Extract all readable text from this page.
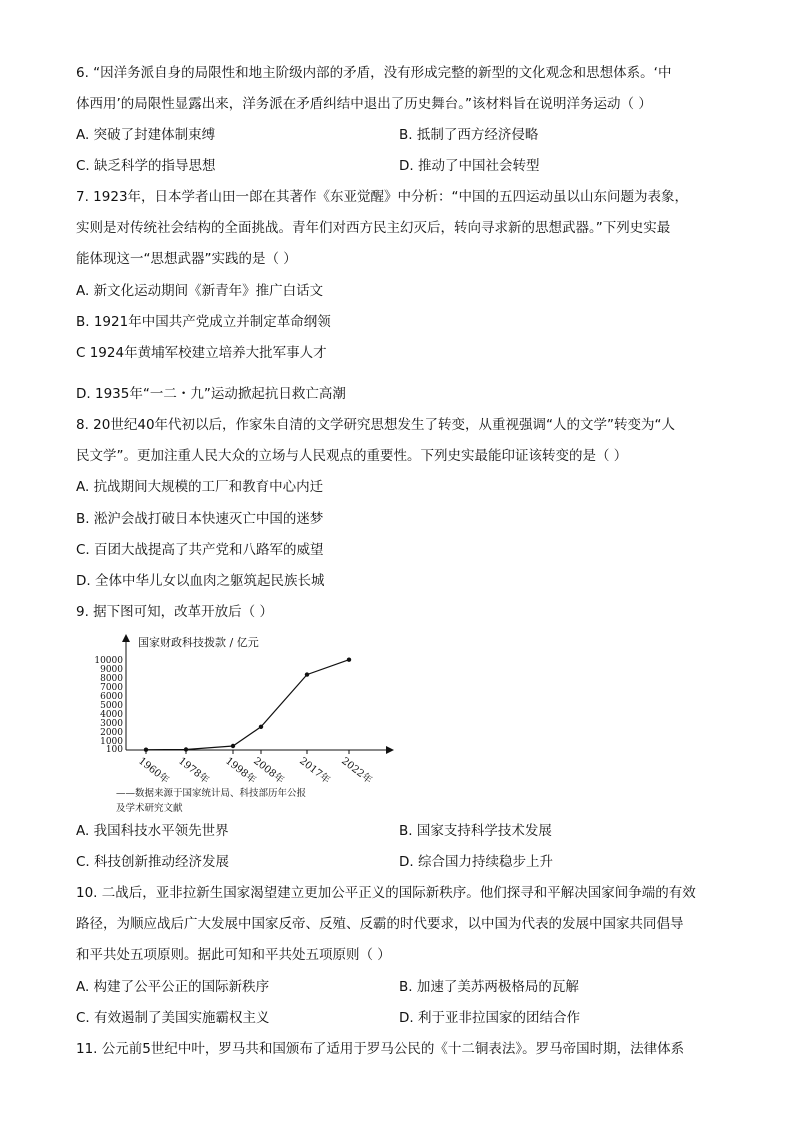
6. “因洋务派自身的局限性和地主阶级内部的矛盾，没有形成完整的新型的文化观念和思想体系。‘中
体西用’的局限性显露出来，洋务派在矛盾纠结中退出了历史舞台。”该材料旨在说明洋务运动（ ）
A. 突破了封建体制束缚	B. 抵制了西方经济侵略
C. 缺乏科学的指导思想	D. 推动了中国社会转型
7. 1923年，日本学者山田一郎在其著作《东亚觉醒》中分析：“中国的五四运动虽以山东问题为表象，
实则是对传统社会结构的全面挑战。青年们对西方民主幻灭后，转向寻求新的思想武器。”下列史实最
能体现这一“思想武器”实践的是（ ）
A. 新文化运动期间《新青年》推广白话文
B. 1921年中国共产党成立并制定革命纲领
C 1924年黄埔军校建立培养大批军事人才
D. 1935年“一二・九”运动掀起抗日救亡高潮
8. 20世纪40年代初以后，作家朱自清的文学研究思想发生了转变，从重视强调“人的文学”转变为“人
民文学”。更加注重人民大众的立场与人民观点的重要性。下列史实最能印证该转变的是（ ）
A. 抗战期间大规模的工厂和教育中心内迁
B. 淞沪会战打破日本快速灭亡中国的迷梦
C. 百团大战提高了共产党和八路军的威望
D. 全体中华儿女以血肉之躯筑起民族长城
9. 据下图可知，改革开放后（ ）
国家财政科技拨款 / 亿元
100
1000
2000
3000
4000
5000
6000
7000
8000
9000
10000
1960年 1978年 1998年
2008年 2017年 2022年
——数据来源于国家统计局、科技部历年公报
及学术研究文献
A. 我国科技水平领先世界	B. 国家支持科学技术发展
C. 科技创新推动经济发展	D. 综合国力持续稳步上升
10. 二战后，亚非拉新生国家渴望建立更加公平正义的国际新秩序。他们探寻和平解决国家间争端的有效
路径，为顺应战后广大发展中国家反帝、反殖、反霸的时代要求，以中国为代表的发展中国家共同倡导
和平共处五项原则。据此可知和平共处五项原则（ ）
A. 构建了公平公正的国际新秩序	B. 加速了美苏两极格局的瓦解
C. 有效遏制了美国实施霸权主义	D. 利于亚非拉国家的团结合作
11. 公元前5世纪中叶，罗马共和国颁布了适用于罗马公民的《十二铜表法》。罗马帝国时期，法律体系
